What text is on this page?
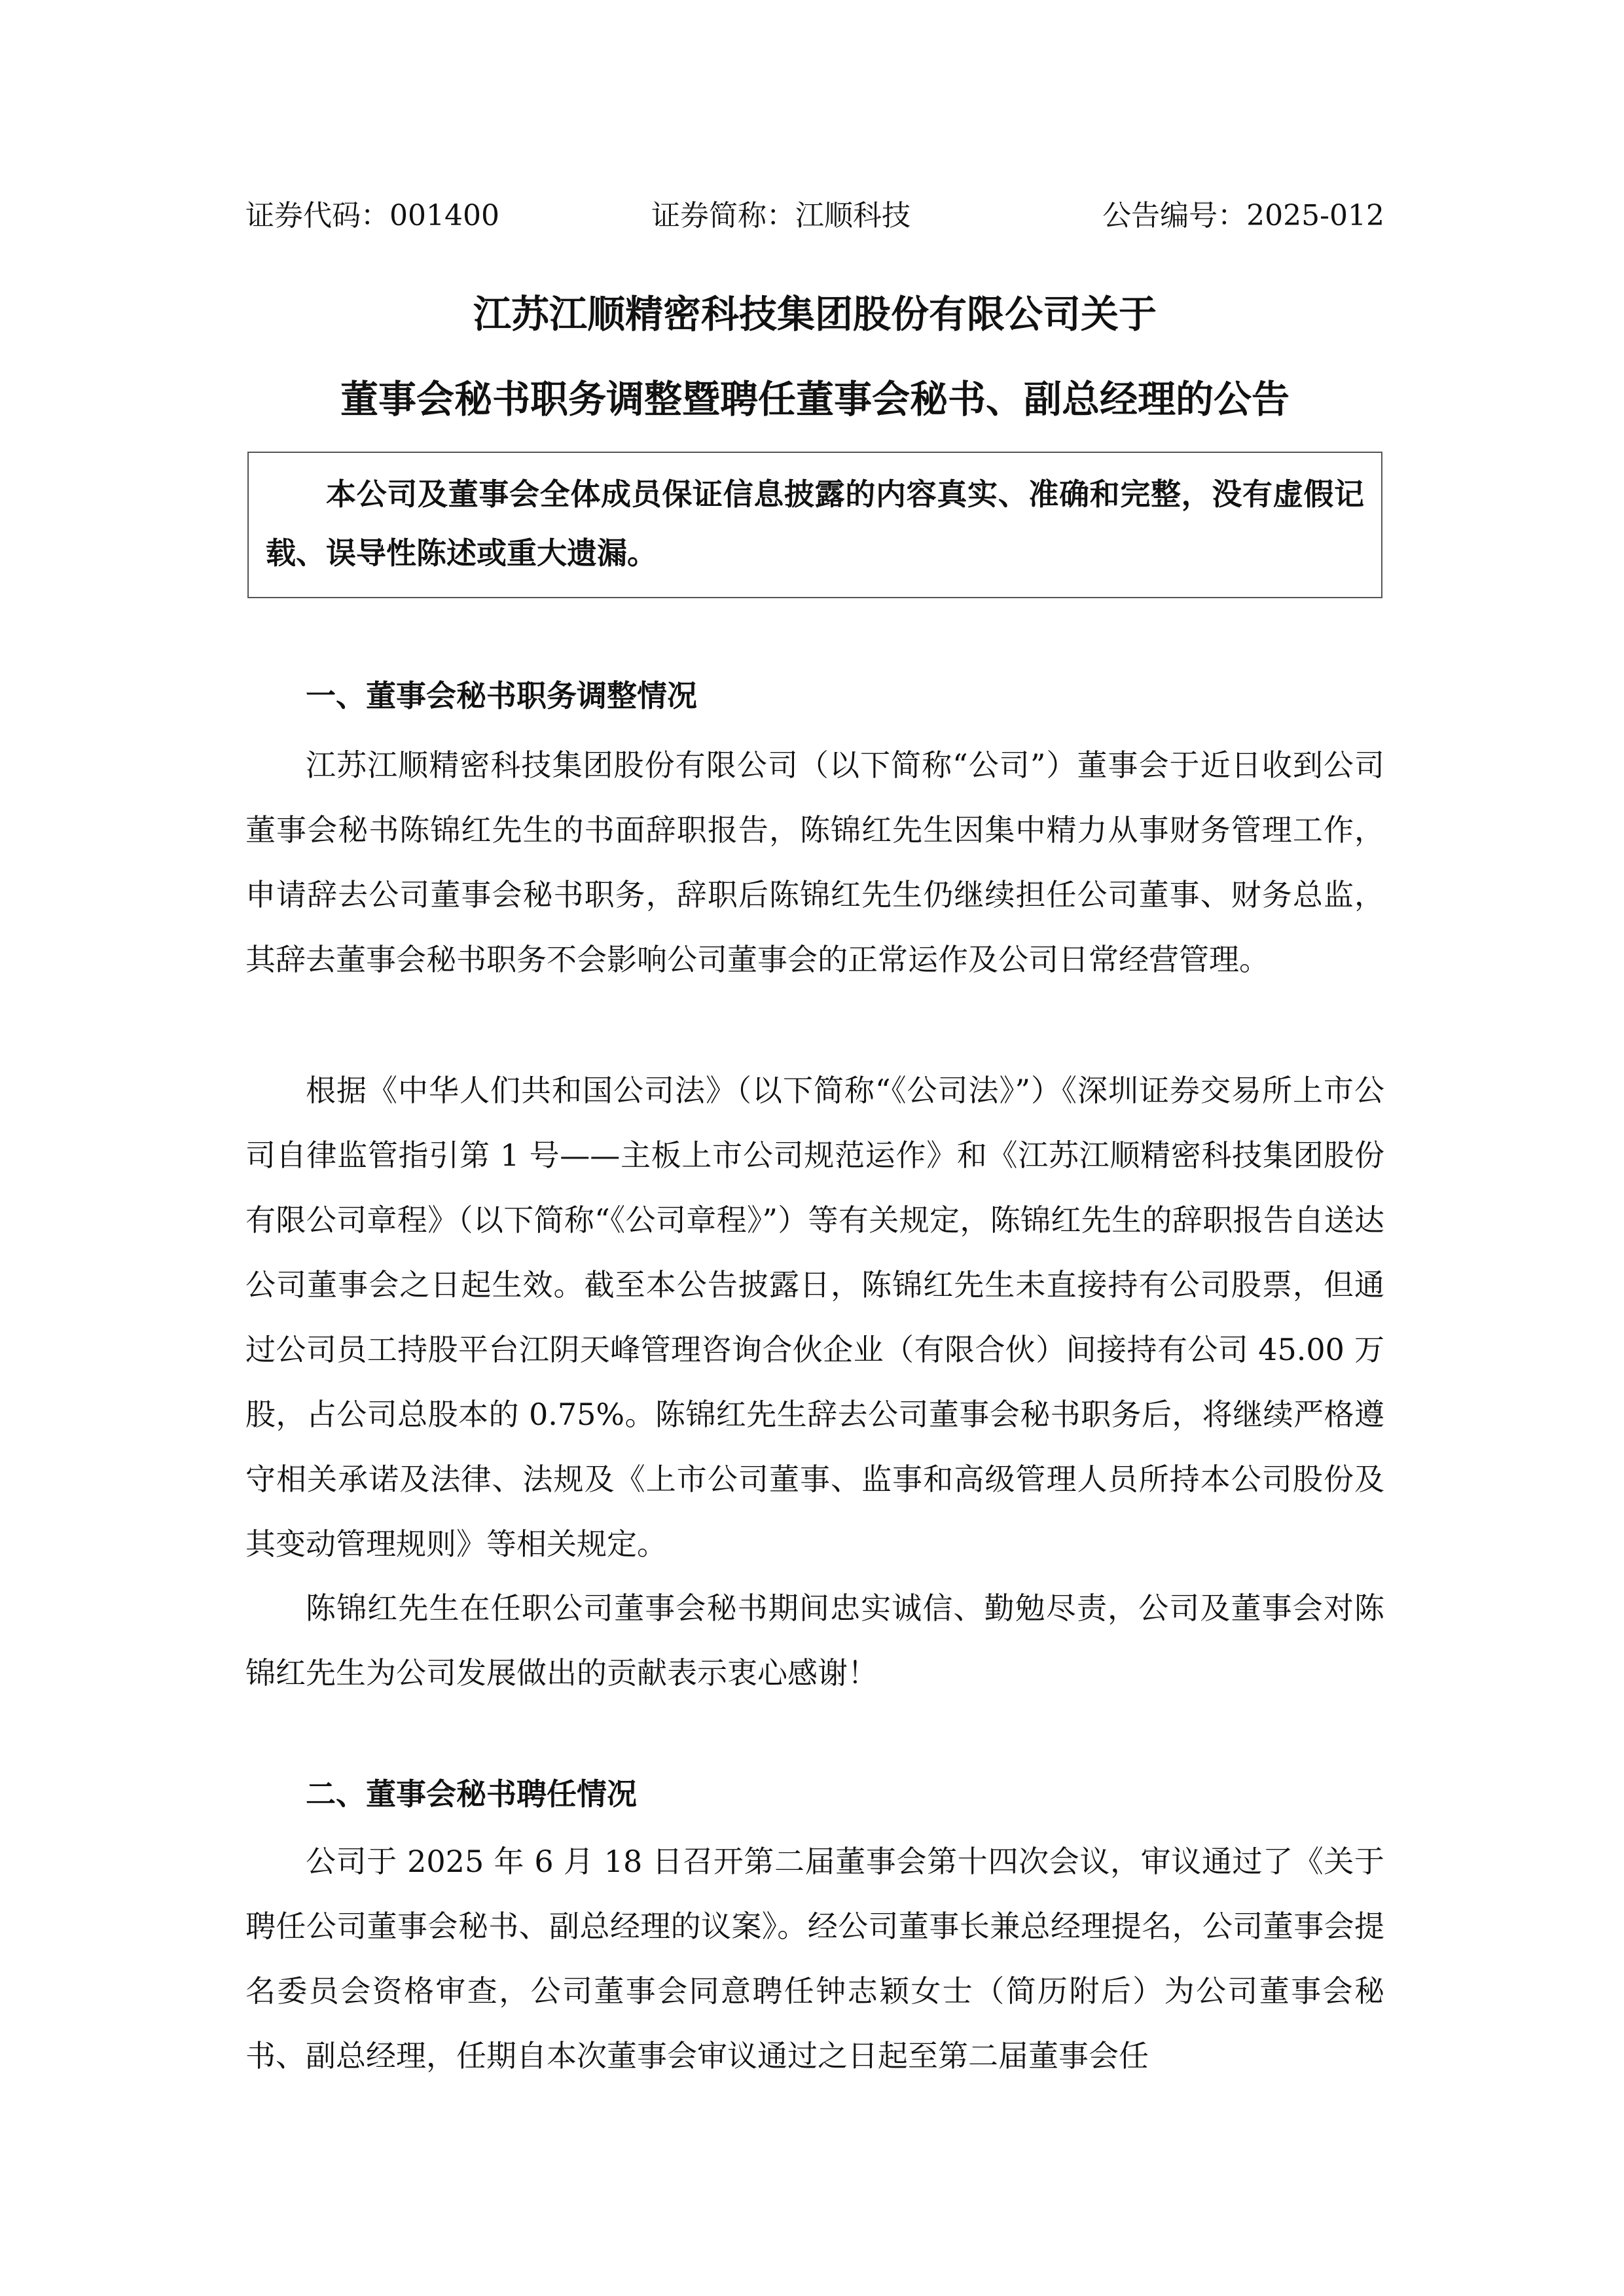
证券代码：001400	证券简称：江顺科技	公告编号：2025-012
江苏江顺精密科技集团股份有限公司关于
董事会秘书职务调整暨聘任董事会秘书、副总经理的公告
本公司及董事会全体成员保证信息披露的内容真实、准确和完整，没有虚假记载、误导性陈述或重大遗漏。
一、董事会秘书职务调整情况
江苏江顺精密科技集团股份有限公司（以下简称“公司”）董事会于近日收到公司董事会秘书陈锦红先生的书面辞职报告，陈锦红先生因集中精力从事财务管理工作，申请辞去公司董事会秘书职务，辞职后陈锦红先生仍继续担任公司董事、财务总监，其辞去董事会秘书职务不会影响公司董事会的正常运作及公司日常经营管理。
根据《中华人们共和国公司法》（以下简称“《公司法》”）《深圳证券交易所上市公司自律监管指引第 1 号——主板上市公司规范运作》和《江苏江顺精密科技集团股份有限公司章程》（以下简称“《公司章程》”）等有关规定，陈锦红先生的辞职报告自送达公司董事会之日起生效。截至本公告披露日，陈锦红先生未直接持有公司股票，但通过公司员工持股平台江阴天峰管理咨询合伙企业（有限合伙）间接持有公司 45.00 万股，占公司总股本的 0.75%。陈锦红先生辞去公司董事会秘书职务后，将继续严格遵守相关承诺及法律、法规及《上市公司董事、监事和高级管理人员所持本公司股份及其变动管理规则》等相关规定。
陈锦红先生在任职公司董事会秘书期间忠实诚信、勤勉尽责，公司及董事会对陈锦红先生为公司发展做出的贡献表示衷心感谢！
二、董事会秘书聘任情况
公司于 2025 年 6 月 18 日召开第二届董事会第十四次会议，审议通过了《关于聘任公司董事会秘书、副总经理的议案》。经公司董事长兼总经理提名，公司董事会提名委员会资格审查，公司董事会同意聘任钟志颖女士（简历附后）为公司董事会秘书、副总经理，任期自本次董事会审议通过之日起至第二届董事会任
